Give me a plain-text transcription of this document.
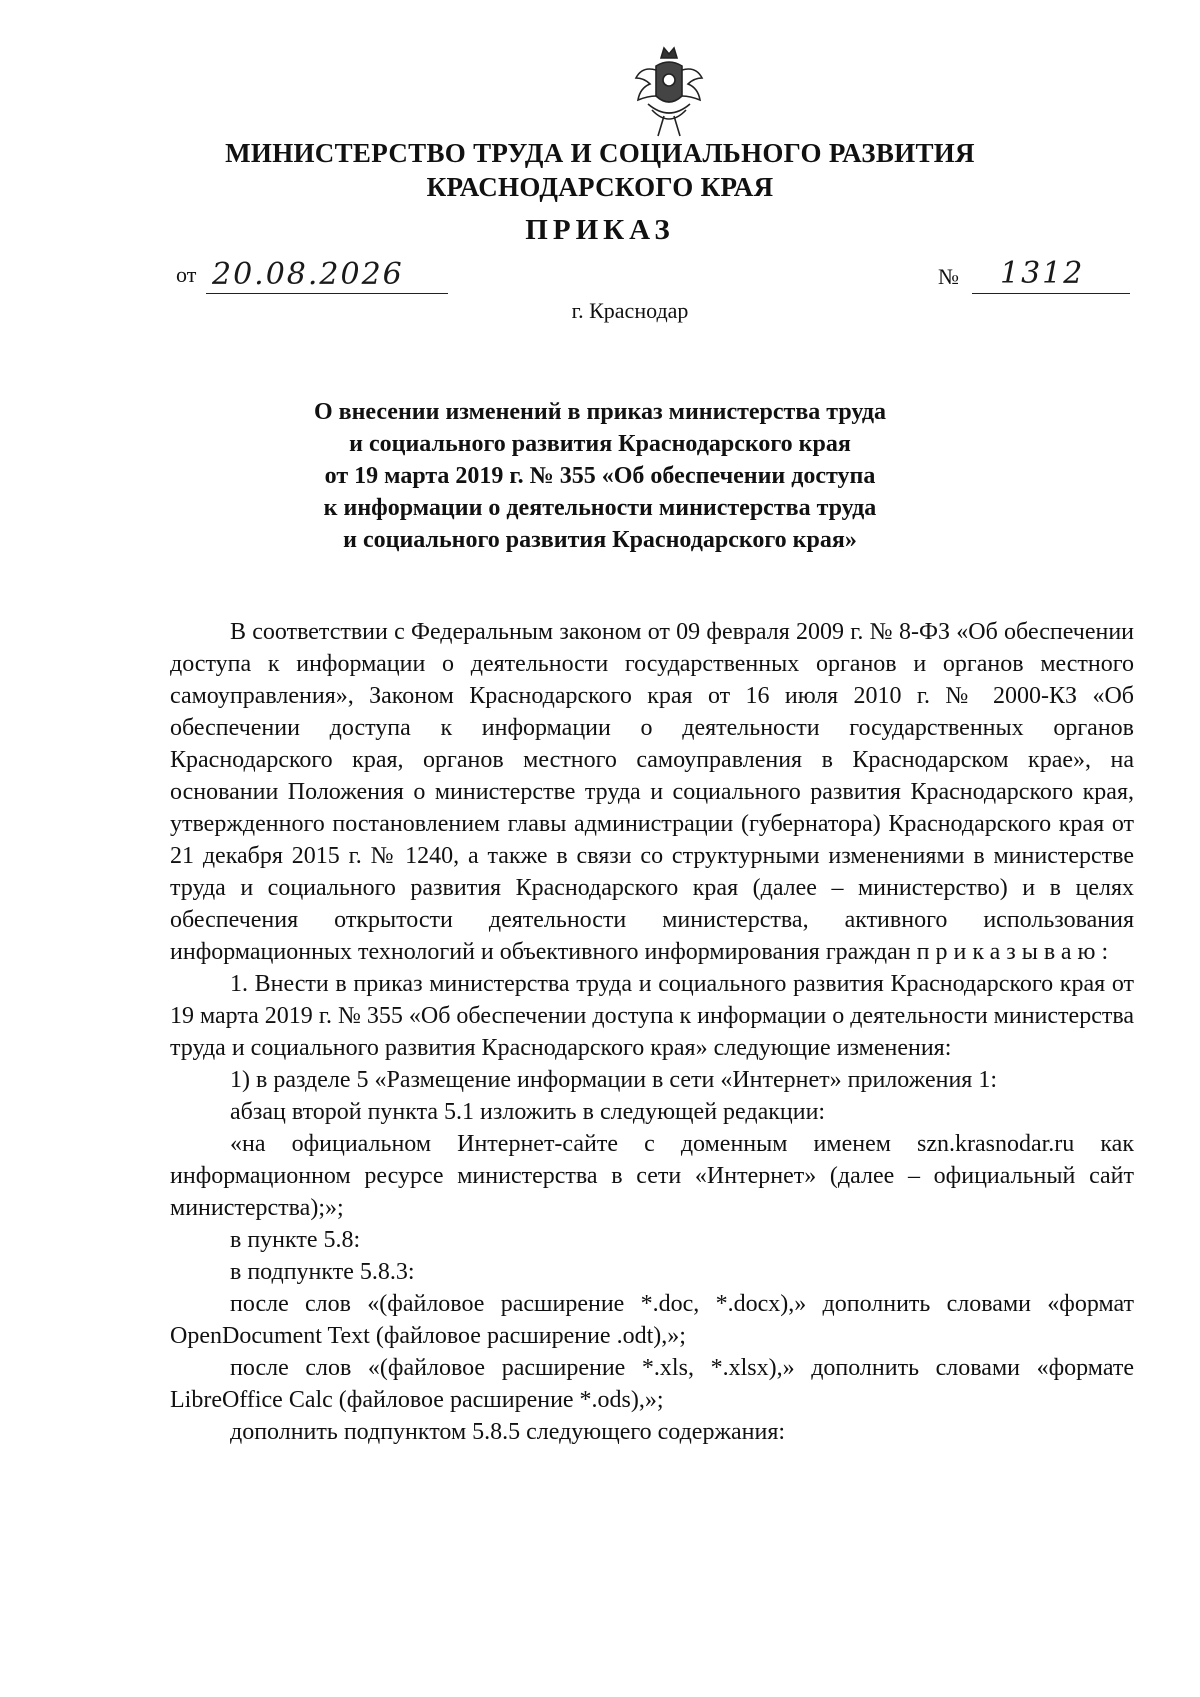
МИНИСТЕРСТВО ТРУДА И СОЦИАЛЬНОГО РАЗВИТИЯ
КРАСНОДАРСКОГО КРАЯ
ПРИКАЗ
от 20.08.2026	№ 1312
г. Краснодар
О внесении изменений в приказ министерства труда
и социального развития Краснодарского края
от 19 марта 2019 г. № 355 «Об обеспечении доступа
к информации о деятельности министерства труда
и социального развития Краснодарского края»

В соответствии с Федеральным законом от 09 февраля 2009 г. № 8-ФЗ «Об обеспечении доступа к информации о деятельности государственных органов и органов местного самоуправления», Законом Краснодарского края от 16 июля 2010 г. № 2000-КЗ «Об обеспечении доступа к информации о деятельности государственных органов Краснодарского края, органов местного самоуправления в Краснодарском крае», на основании Положения о министерстве труда и социального развития Краснодарского края, утвержденного постановлением главы администрации (губернатора) Краснодарского края от 21 декабря 2015 г. № 1240, а также в связи со структурными изменениями в министерстве труда и социального развития Краснодарского края (далее – министерство) и в целях обеспечения открытости деятельности министерства, активного использования информационных технологий и объективного информирования граждан приказываю:

1. Внести в приказ министерства труда и социального развития Краснодарского края от 19 марта 2019 г. № 355 «Об обеспечении доступа к информации о деятельности министерства труда и социального развития Краснодарского края» следующие изменения:

1) в разделе 5 «Размещение информации в сети «Интернет» приложения 1:

абзац второй пункта 5.1 изложить в следующей редакции:

«на официальном Интернет-сайте с доменным именем szn.krasnodar.ru как информационном ресурсе министерства в сети «Интернет» (далее – официальный сайт министерства);»;

в пункте 5.8:

в подпункте 5.8.3:

после слов «(файловое расширение *.doc, *.docx),» дополнить словами «формат OpenDocument Text (файловое расширение .odt),»;

после слов «(файловое расширение *.xls, *.xlsx),» дополнить словами «формате LibreOffice Calc (файловое расширение *.ods),»;

дополнить подпунктом 5.8.5 следующего содержания:
